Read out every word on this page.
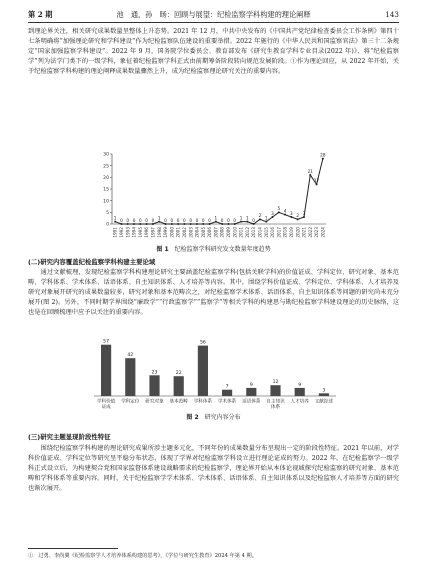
第 2 期	池　通，孙　旸：回顾与展望：纪检监察学科构建的理论阐释	143

到理论界关注，相关研究成果数量呈整体上升态势。2021 年 12 月，中共中央发布的《中国共产党纪律检查委员会工作条例》第四十七条明确将“加强理论研究和学科建设”作为纪检监察队伍建设的重要举措。2022 年施行的《中华人民共和国监察官法》第三十二条规定“国家加强监察学科建设”。2022 年 9 月，国务院学位委员会、教育部发布《研究生教育学科专业目录(2022 年)》，将“纪检监察学”列为法学门类下的一级学科，象征着纪检监察学科正式由前期筹备阶段转向规范发展阶段。①作为理论回应，从 2022 年开始，关于纪检监察学科构建的理论阐释成果数量骤然上升，成为纪检监察理论研究关注的重要内容。

0
5
10
15
20
25
30
1991 1992 1993 1994 1995 1996 1997 1998 1999 2000 2001 2002 2003 2004 2005 2006 2007 2008 2009 2010 2011 2012 2013 2014 2015 2016 2017 2018 2019 2020 2021 2022 2023 2024
1 0 0 0 0 0 0 1 0 0 0 0 0 0 0 0 1 0 0 0 1 1 0
2 1
3
5 4 3 2 3
21
17
28
图 1 纪检监察学科研究发文数量年度趋势
(二)研究内容覆盖纪检监察学科构建主要论域

通过文献梳理，发现纪检监察学科构建理论研究主要涵盖纪检监察学科(包括关联学科)的价值证成、学科定位、研究对象、基本范畴、学科体系、学术体系、话语体系、自主知识体系、人才培养等内容。其中，围绕学科价值证成、学科定位、学科体系、人才培养及研究对象展开研究的成果数量较多，研究对象和基本范畴次之，对纪检监察学术体系、话语体系、自主知识体系等问题的研究尚未充分展开(图 2)。另外，不同时期学界围绕“廉政学”“行政监察学”“监察学”等相关学科的构建思与勘纪检监察学科建设理论的历史脉络，这也是在回顾梳理中应予以关注的重要内容。

57
学科价值
证成
42
学科定位
23
研究对象
22
基本范畴
56
学科体系
7
学术体系
9
话语体系
12
自主知识
体系
9
人才培养
3
文献综述
图 2 研究内容分布
(三)研究主题显现阶段性特征

围绕纪检监察学科构建的理论研究成果所涉主题多元化，不同年份的成果数量分布呈现出一定的阶段性特征。2021 年以前，对学科价值证成、学科定位等研究呈平稳分布状态，体现了学界对纪检监察学科设立进行理论证成的努力。2022 年，在纪检监察学一级学科正式设立后，为构建契合党和国家监督体系建设战略需求的纪检监察学，理论界开始从本体论视域探究纪检监察的研究对象、基本范畴和学科体系等重要内容。同时，关于纪检监察学学术体系、学术体系、话语体系、自主知识体系以及纪检监察人才培养等方面的研究也渐次展开。

①　过勇、李尚翼《纪检监察学人才培养体系构建的思考》，《学位与研究生教育》2024 年第 4 期。
